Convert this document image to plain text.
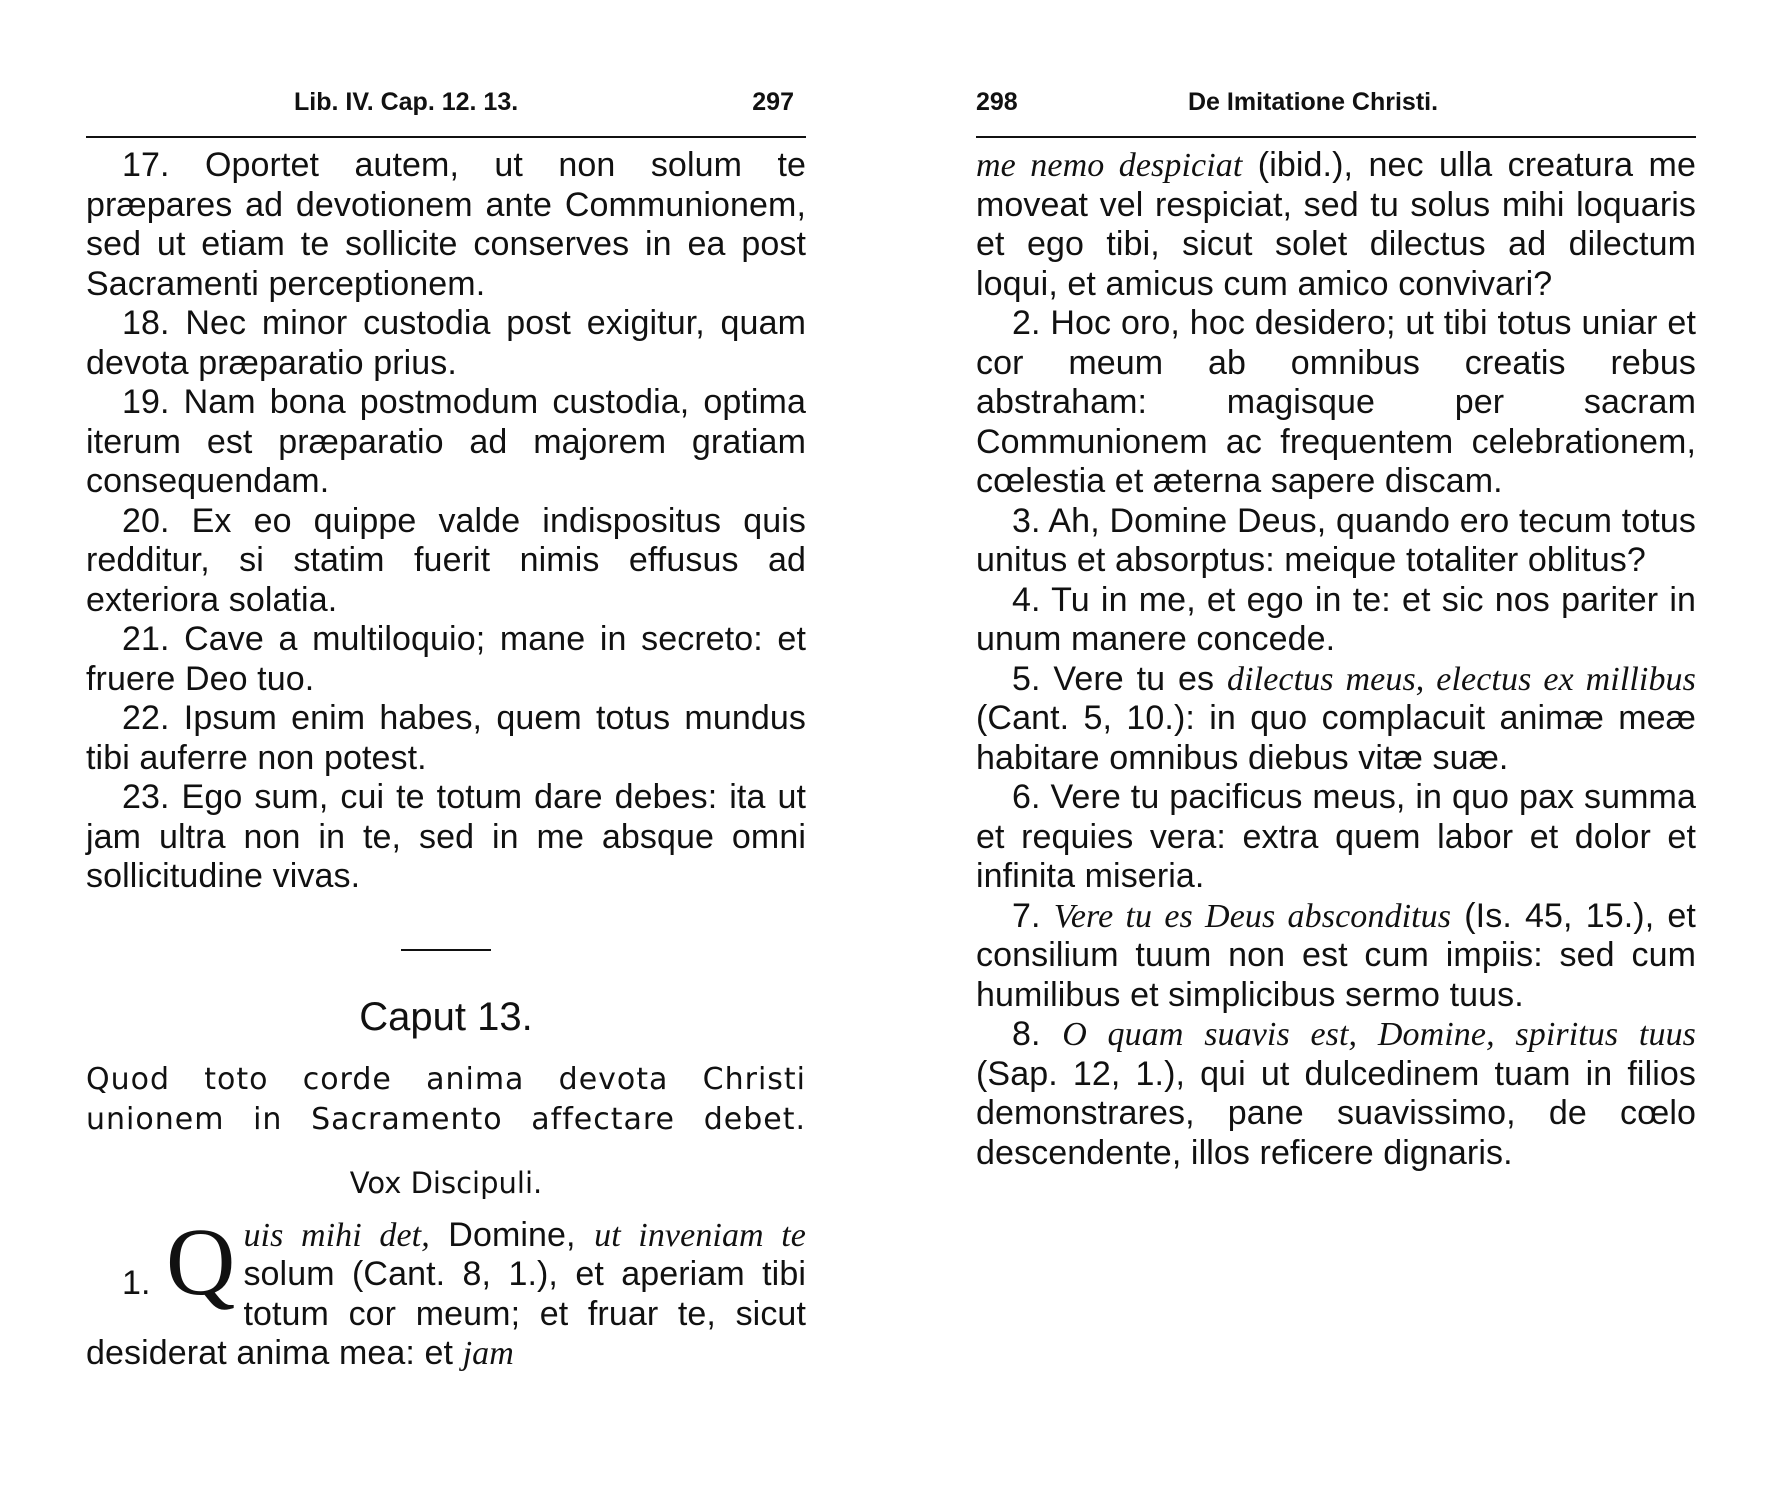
Lib. IV. Cap. 12. 13.	297

17. Oportet autem, ut non solum te præpares ad devotionem ante Communionem, sed ut etiam te sollicite conserves in ea post Sacramenti perceptionem.

18. Nec minor custodia post exigitur, quam devota præparatio prius.

19. Nam bona postmodum custodia, optima iterum est præparatio ad majorem gratiam consequendam.

20. Ex eo quippe valde indispositus quis redditur, si statim fuerit nimis effusus ad exteriora solatia.

21. Cave a multiloquio; mane in secreto: et fruere Deo tuo.

22. Ipsum enim habes, quem totus mundus tibi auferre non potest.

23. Ego sum, cui te totum dare debes: ita ut jam ultra non in te, sed in me absque omni sollicitudine vivas.

Caput 13.
Quod toto corde anima devota Christi unionem in Sacramento affectare debet.
Vox Discipuli.
1. Q uis mihi det, Domine, ut inveniam te solum (Cant. 8, 1.), et aperiam tibi totum cor meum; et fruar te, sicut desiderat anima mea: et jam

298	De Imitatione Christi.

me nemo despiciat (ibid.), nec ulla creatura me moveat vel respiciat, sed tu solus mihi loquaris et ego tibi, sicut solet dilectus ad dilectum loqui, et amicus cum amico convivari?

2. Hoc oro, hoc desidero; ut tibi totus uniar et cor meum ab omnibus creatis rebus abstraham: magisque per sacram Communionem ac frequentem celebrationem, cœlestia et æterna sapere discam.

3. Ah, Domine Deus, quando ero tecum totus unitus et absorptus: meique totaliter oblitus?

4. Tu in me, et ego in te: et sic nos pariter in unum manere concede.

5. Vere tu es dilectus meus, electus ex millibus (Cant. 5, 10.): in quo complacuit animæ meæ habitare omnibus diebus vitæ suæ.

6. Vere tu pacificus meus, in quo pax summa et requies vera: extra quem labor et dolor et infinita miseria.

7. Vere tu es Deus absconditus (Is. 45, 15.), et consilium tuum non est cum impiis: sed cum humilibus et simplicibus sermo tuus.

8. O quam suavis est, Domine, spiritus tuus (Sap. 12, 1.), qui ut dulcedinem tuam in filios demonstrares, pane suavissimo, de cœlo descendente, illos reficere dignaris.
